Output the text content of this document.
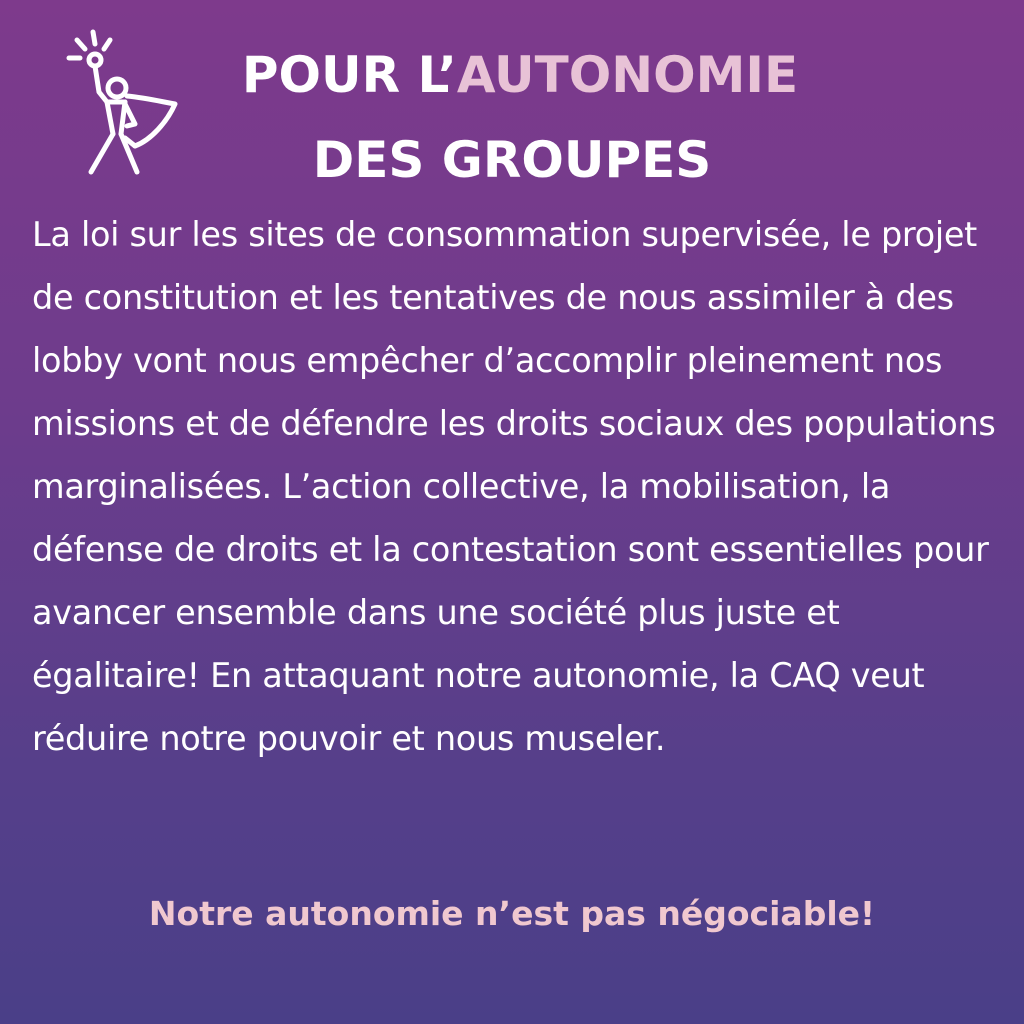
POUR L’AUTONOMIE
DES GROUPES

La loi sur les sites de consommation supervisée, le projet de constitution et les tentatives de nous assimiler à des lobby vont nous empêcher d’accomplir pleinement nos missions et de défendre les droits sociaux des populations marginalisées. L’action collective, la mobilisation, la défense de droits et la contestation sont essentielles pour avancer ensemble dans une société plus juste et égalitaire! En attaquant notre autonomie, la CAQ veut réduire notre pouvoir et nous museler.

Notre autonomie n’est pas négociable!
